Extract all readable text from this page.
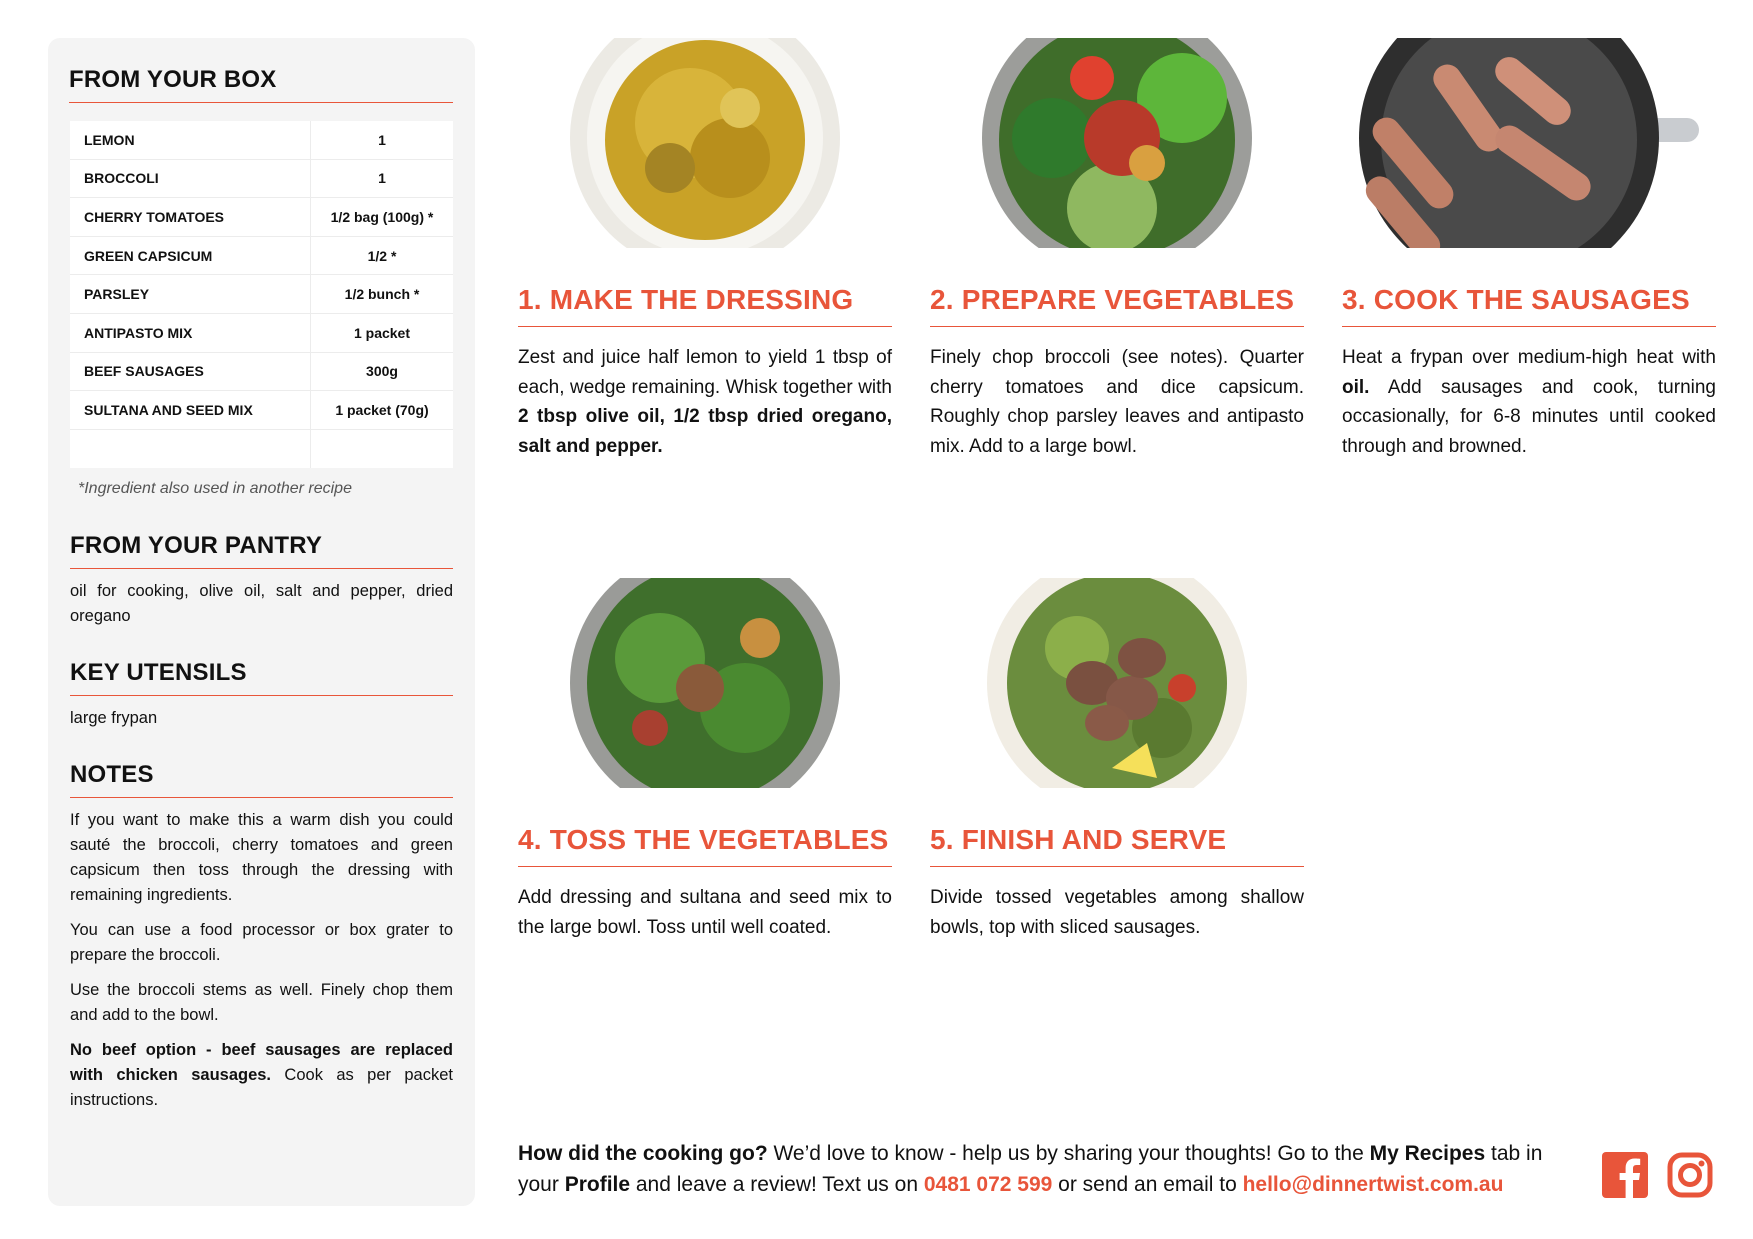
FROM YOUR BOX
LEMON	1
BROCCOLI	1
CHERRY TOMATOES	1/2 bag (100g) *
GREEN CAPSICUM	1/2 *
PARSLEY	1/2 bunch *
ANTIPASTO MIX	1 packet
BEEF SAUSAGES	300g
SULTANA AND SEED MIX	1 packet (70g)

*Ingredient also used in another recipe
FROM YOUR PANTRY

oil for cooking, olive oil, salt and pepper, dried oregano

KEY UTENSILS

large frypan

NOTES

If you want to make this a warm dish you could sauté the broccoli, cherry tomatoes and green capsicum then toss through the dressing with remaining ingredients.

You can use a food processor or box grater to prepare the broccoli.

Use the broccoli stems as well. Finely chop them and add to the bowl.

No beef option - beef sausages are replaced with chicken sausages. Cook as per packet instructions.

1. MAKE THE DRESSING
Zest and juice half lemon to yield 1 tbsp of each, wedge remaining. Whisk together with 2 tbsp olive oil, 1/2 tbsp dried oregano, salt and pepper.
2. PREPARE VEGETABLES
Finely chop broccoli (see notes). Quarter cherry tomatoes and dice capsicum. Roughly chop parsley leaves and antipasto mix. Add to a large bowl.
3. COOK THE SAUSAGES
Heat a frypan over medium-high heat with oil. Add sausages and cook, turning occasionally, for 6-8 minutes until cooked through and browned.
4. TOSS THE VEGETABLES
Add dressing and sultana and seed mix to the large bowl. Toss until well coated.
5. FINISH AND SERVE
Divide tossed vegetables among shallow bowls, top with sliced sausages.
How did the cooking go? We’d love to know - help us by sharing your thoughts! Go to the My Recipes tab in your Profile and leave a review! Text us on 0481 072 599 or send an email to hello@dinnertwist.com.au
